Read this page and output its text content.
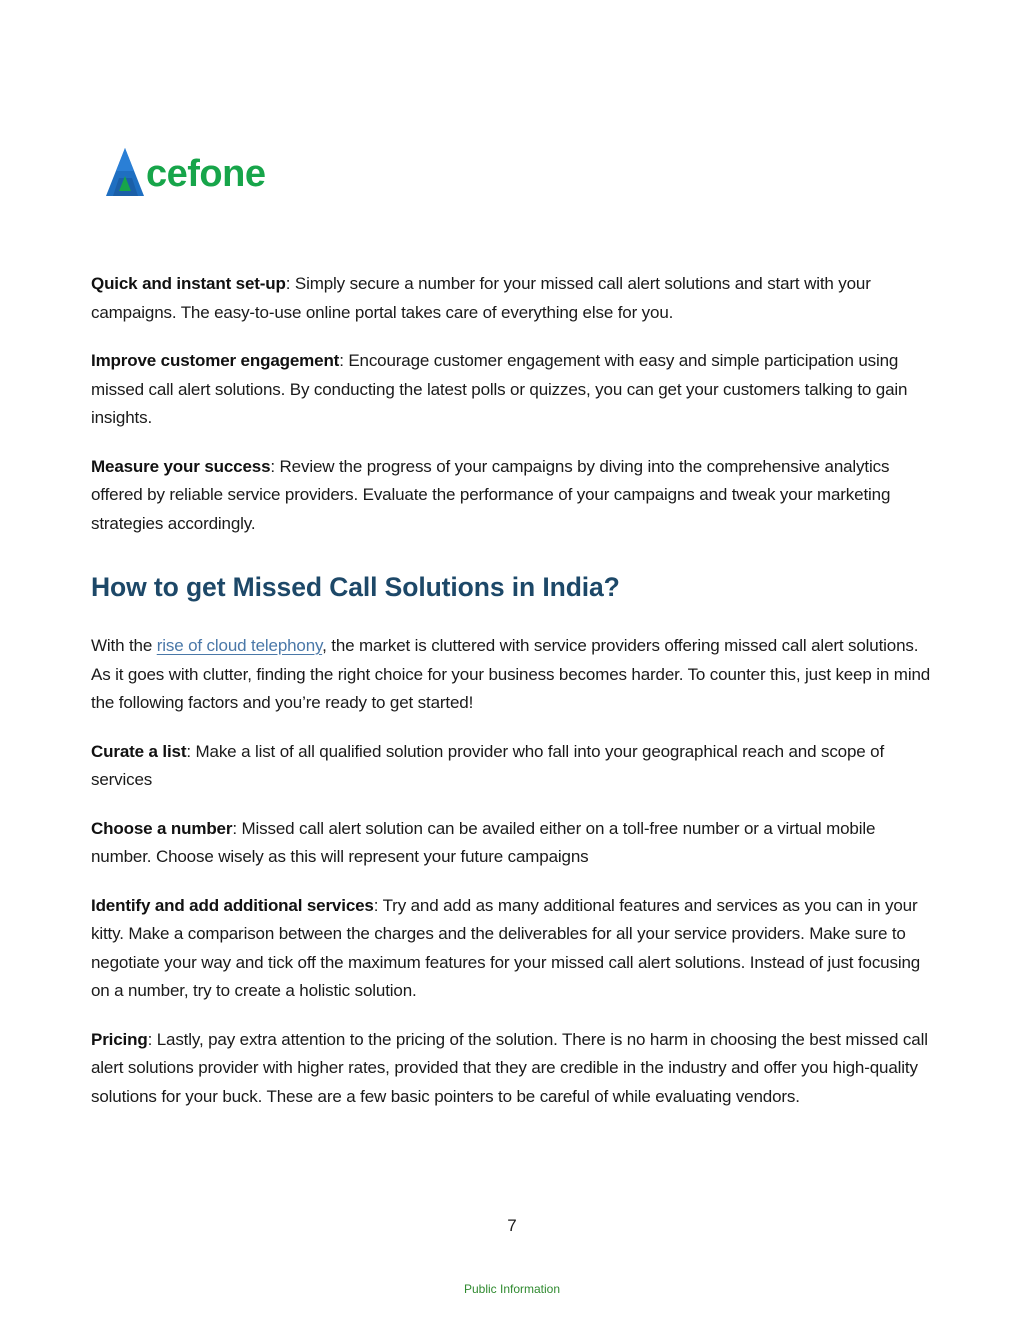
cefone

Quick and instant set-up: Simply secure a number for your missed call alert solutions and start with your campaigns. The easy-to-use online portal takes care of everything else for you.

Improve customer engagement: Encourage customer engagement with easy and simple participation using missed call alert solutions. By conducting the latest polls or quizzes, you can get your customers talking to gain insights.

Measure your success: Review the progress of your campaigns by diving into the comprehensive analytics offered by reliable service providers. Evaluate the performance of your campaigns and tweak your marketing strategies accordingly.

How to get Missed Call Solutions in India?

With the rise of cloud telephony, the market is cluttered with service providers offering missed call alert solutions. As it goes with clutter, finding the right choice for your business becomes harder. To counter this, just keep in mind the following factors and you’re ready to get started!

Curate a list: Make a list of all qualified solution provider who fall into your geographical reach and scope of services

Choose a number: Missed call alert solution can be availed either on a toll-free number or a virtual mobile number. Choose wisely as this will represent your future campaigns

Identify and add additional services: Try and add as many additional features and services as you can in your kitty. Make a comparison between the charges and the deliverables for all your service providers. Make sure to negotiate your way and tick off the maximum features for your missed call alert solutions. Instead of just focusing on a number, try to create a holistic solution.

Pricing: Lastly, pay extra attention to the pricing of the solution. There is no harm in choosing the best missed call alert solutions provider with higher rates, provided that they are credible in the industry and offer you high-quality solutions for your buck. These are a few basic pointers to be careful of while evaluating vendors.

7
Public Information
